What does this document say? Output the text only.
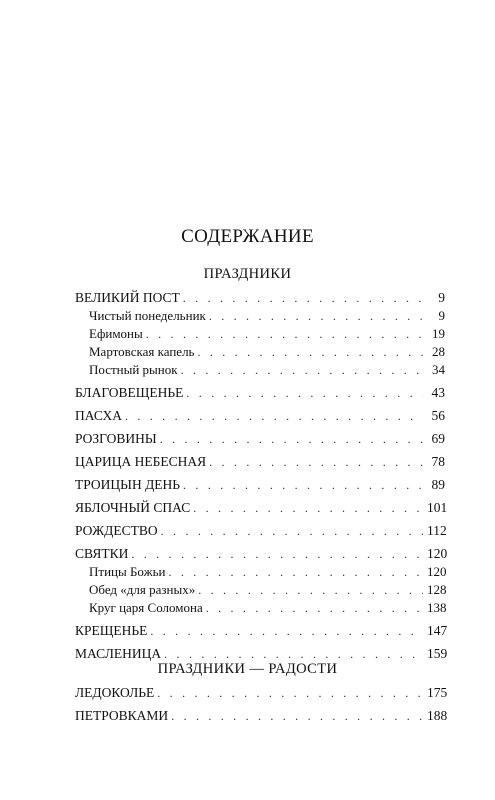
СОДЕРЖАНИЕ
ПРАЗДНИКИ
ВЕЛИКИЙ ПОСТ . . .	9
Чистый понедельник . . .	9
Ефимоны . . .	19
Мартовская капель . . .	28
Постный рынок . . .	34
БЛАГОВЕЩЕНЬЕ . . .	43
ПАСХА . . .	56
РОЗГОВИНЫ . . .	69
ЦАРИЦА НЕБЕСНАЯ . . .	78
ТРОИЦЫН ДЕНЬ . . .	89
ЯБЛОЧНЫЙ СПАС . . .	101
РОЖДЕСТВО . . .	112
СВЯТКИ . . .	120
Птицы Божьи . . .	120
Обед «для разных» . . .	128
Круг царя Соломона . . .	138
КРЕЩЕНЬЕ . . .	147
МАСЛЕНИЦА . . .	159
ПРАЗДНИКИ — РАДОСТИ
ЛЕДОКОЛЬЕ . . .	175
ПЕТРОВКАМИ . . .	188
